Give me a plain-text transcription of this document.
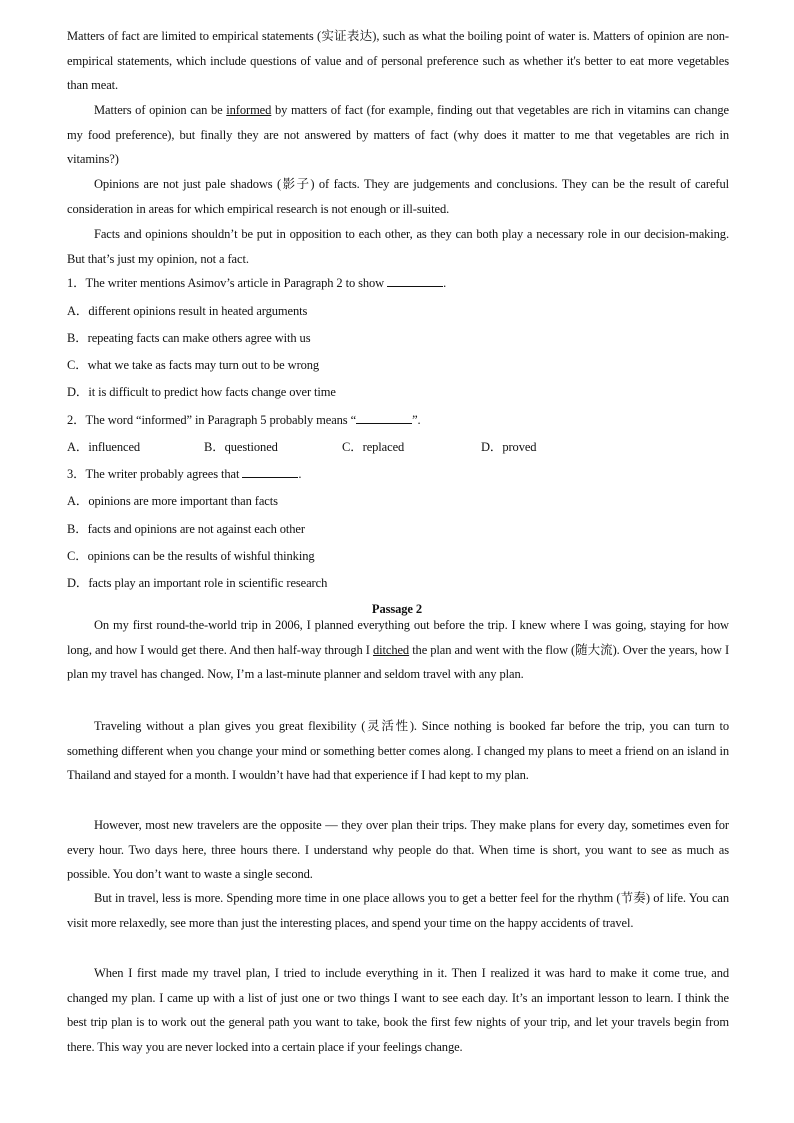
Matters of fact are limited to empirical statements (实证表达), such as what the boiling point of water is. Matters of opinion are non-empirical statements, which include questions of value and of personal preference such as whether it's better to eat more vegetables than meat.

Matters of opinion can be informed by matters of fact (for example, finding out that vegetables are rich in vitamins can change my food preference), but finally they are not answered by matters of fact (why does it matter to me that vegetables are rich in vitamins?)

Opinions are not just pale shadows (影子) of facts. They are judgements and conclusions. They can be the result of careful consideration in areas for which empirical research is not enough or ill-suited.

Facts and opinions shouldn’t be put in opposition to each other, as they can both play a necessary role in our decision-making. But that’s just my opinion, not a fact.

1．The writer mentions Asimov’s article in Paragraph 2 to show	.
A．different opinions result in heated arguments
B．repeating facts can make others agree with us
C．what we take as facts may turn out to be wrong
D．it is difficult to predict how facts change over time
2．The word “informed” in Paragraph 5 probably means “	”.
A．influenced	B．questioned	C．replaced	D．proved
3．The writer probably agrees that	.
A．opinions are more important than facts
B．facts and opinions are not against each other
C．opinions can be the results of wishful thinking
D．facts play an important role in scientific research
Passage 2

On my first round-the-world trip in 2006, I planned everything out before the trip. I knew where I was going, staying for how long, and how I would get there. And then half-way through I ditched the plan and went with the flow (随大流). Over the years, how I plan my travel has changed. Now, I’m a last-minute planner and seldom travel with any plan.

Traveling without a plan gives you great flexibility (灵活性). Since nothing is booked far before the trip, you can turn to something different when you change your mind or something better comes along. I changed my plans to meet a friend on an island in Thailand and stayed for a month. I wouldn’t have had that experience if I had kept to my plan.

However, most new travelers are the opposite — they over plan their trips. They make plans for every day, sometimes even for every hour. Two days here, three hours there. I understand why people do that. When time is short, you want to see as much as possible. You don’t want to waste a single second.

But in travel, less is more. Spending more time in one place allows you to get a better feel for the rhythm (节奏) of life. You can visit more relaxedly, see more than just the interesting places, and spend your time on the happy accidents of travel.

When I first made my travel plan, I tried to include everything in it. Then I realized it was hard to make it come true, and changed my plan. I came up with a list of just one or two things I want to see each day. It’s an important lesson to learn. I think the best trip plan is to work out the general path you want to take, book the first few nights of your trip, and let your travels begin from there. This way you are never locked into a certain place if your feelings change.
